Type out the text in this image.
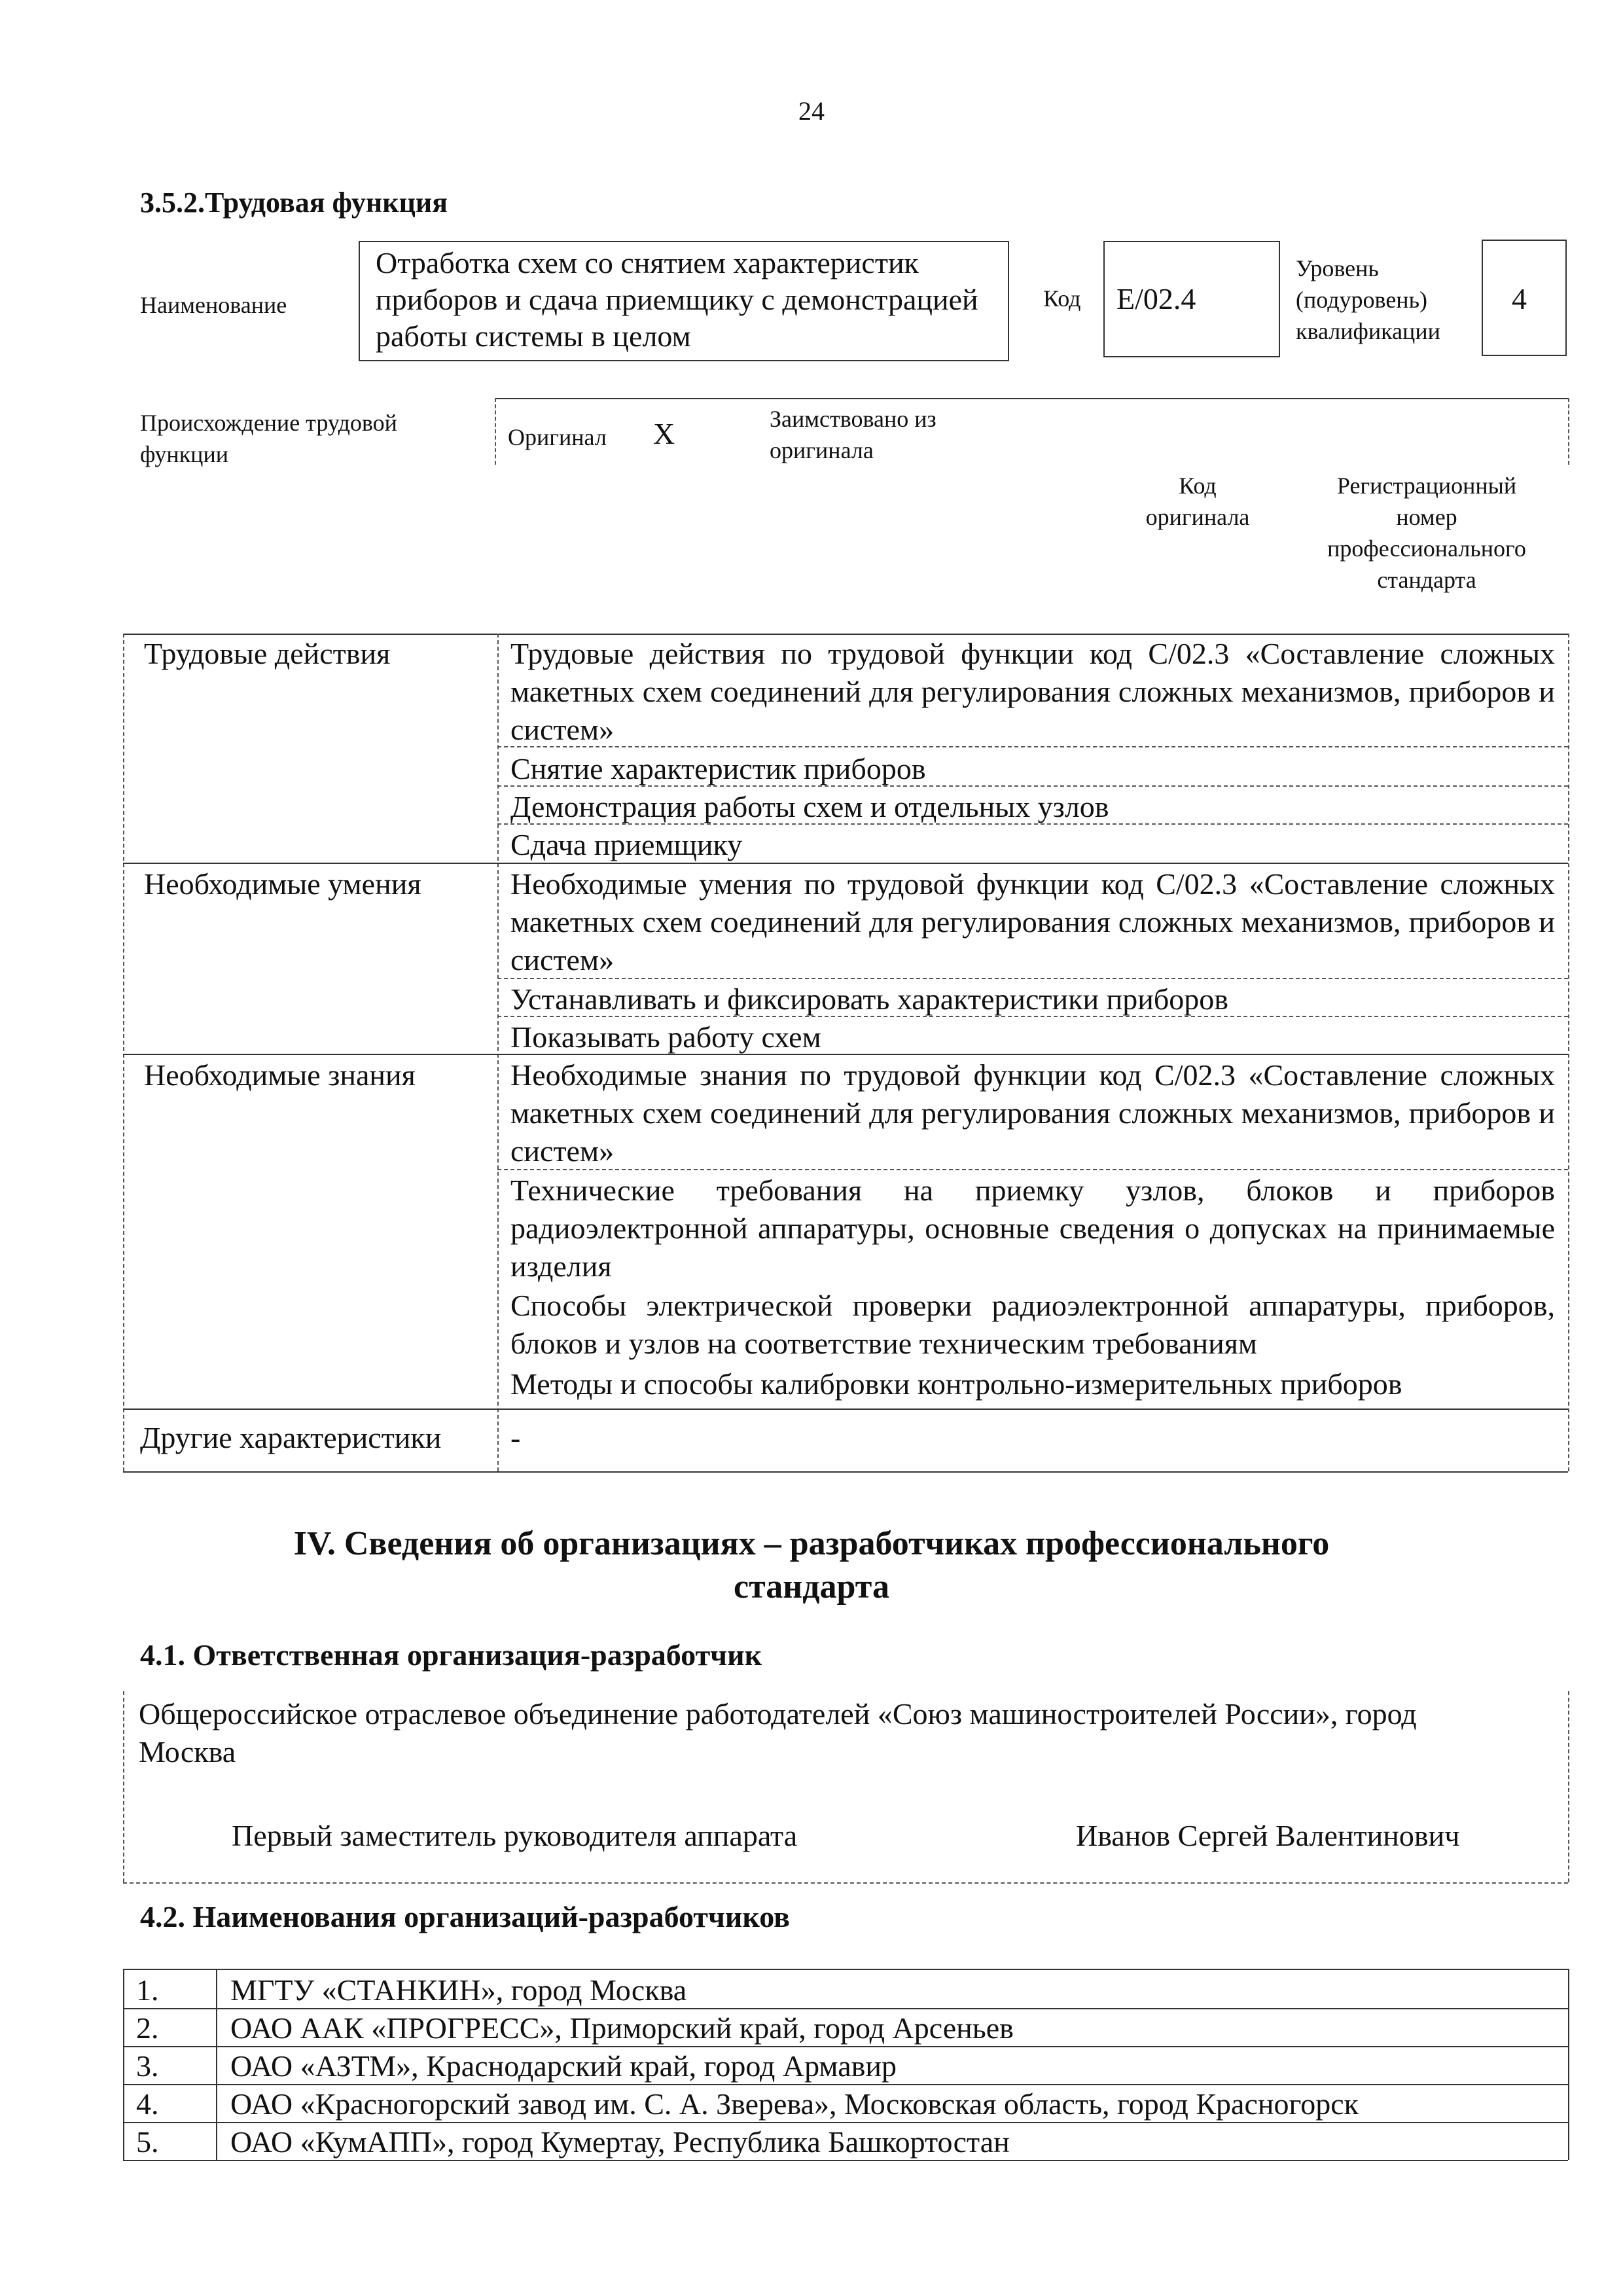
24
3.5.2.Трудовая функция
Наименование
Отработка схем со снятием характеристик приборов и сдача приемщику с демонстрацией работы системы в целом
Код E/02.4
Уровень
(подуровень)
квалификации
4
Происхождение трудовой
функции
Оригинал X	Заимствовано из
оригинала
Код
оригинала
Регистрационный
номер
профессионального
стандарта
Трудовые действия
Необходимые умения
Необходимые знания
Другие характеристики
Трудовые действия по трудовой функции код С/02.3 «Составление сложных макетных схем соединений для регулирования сложных механизмов, приборов и систем»
Снятие характеристик приборов
Демонстрация работы схем и отдельных узлов
Сдача приемщику
Необходимые умения по трудовой функции код С/02.3 «Составление сложных макетных схем соединений для регулирования сложных механизмов, приборов и систем»
Устанавливать и фиксировать характеристики приборов
Показывать работу схем
Необходимые знания по трудовой функции код С/02.3 «Составление сложных макетных схем соединений для регулирования сложных механизмов, приборов и систем»
Технические требования на приемку узлов, блоков и приборов радиоэлектронной аппаратуры, основные сведения о допусках на принимаемые изделия
Способы электрической проверки радиоэлектронной аппаратуры, приборов, блоков и узлов на соответствие техническим требованиям
Методы и способы калибровки контрольно-измерительных приборов
-
IV. Сведения об организациях – разработчиках профессионального
стандарта
4.1. Ответственная организация-разработчик
Общероссийское отраслевое объединение работодателей «Союз машиностроителей России», город Москва
Первый заместитель руководителя аппарата	Иванов Сергей Валентинович
4.2. Наименования организаций-разработчиков
1. МГТУ «СТАНКИН», город Москва
2. ОАО ААК «ПРОГРЕСС», Приморский край, город Арсеньев
3. ОАО «АЗТМ», Краснодарский край, город Армавир
4. ОАО «Красногорский завод им. С. А. Зверева», Московская область, город Красногорск
5. ОАО «КумАПП», город Кумертау, Республика Башкортостан
